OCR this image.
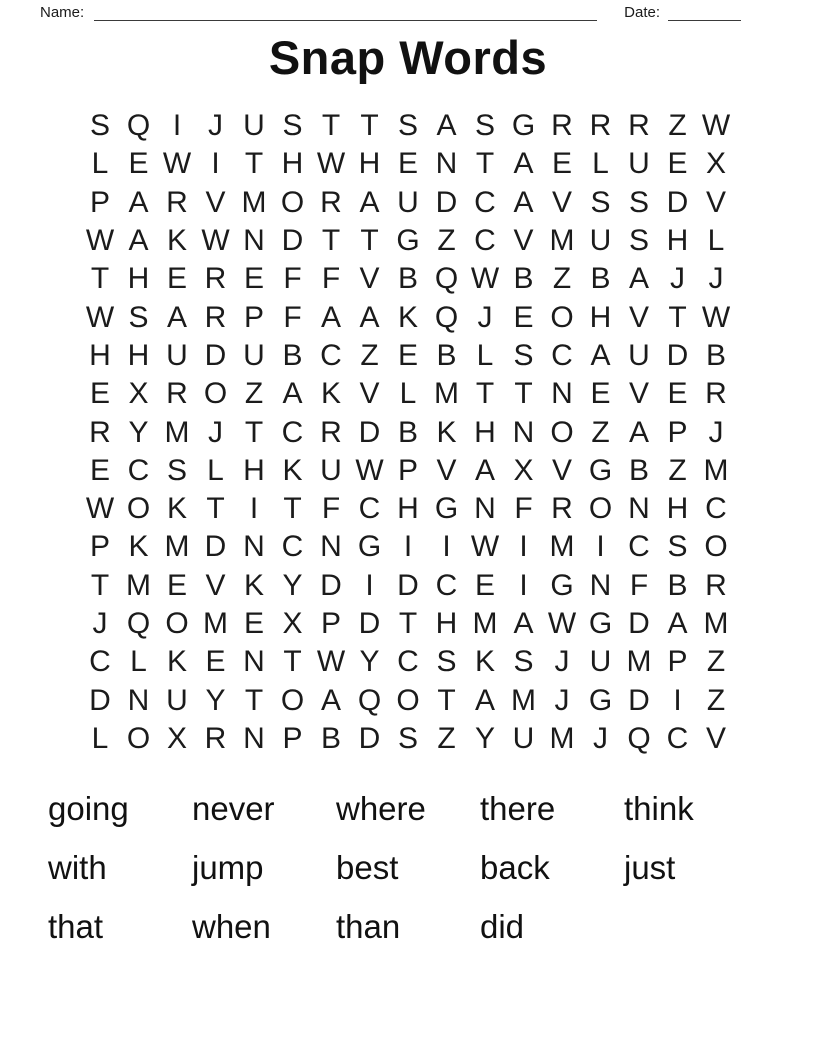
Name:	Date:
Snap Words
S Q I J U S T T S A S G R R R Z W
L E W I T H W H E N T A E L U E X
P A R V M O R A U D C A V S S D V
W A K W N D T T G Z C V M U S H L
T H E R E F F V B Q W B Z B A J J
W S A R P F A A K Q J E O H V T W
H H U D U B C Z E B L S C A U D B
E X R O Z A K V L M T T N E V E R
R Y M J T C R D B K H N O Z A P J
E C S L H K U W P V A X V G B Z M
W O K T I T F C H G N F R O N H C
P K M D N C N G I	I W I M I C S O
T M E V K Y D I D C E I G N F B R
J Q O M E X P D T H M A W G D A M
C L K E N T W Y C S K S J U M P Z
D N U Y T O A Q O T A M J G D I Z
L O X R N P B D S Z Y U M J Q C V
going	never	where	there	think
with	jump	best	back	just
that	when	than	did
